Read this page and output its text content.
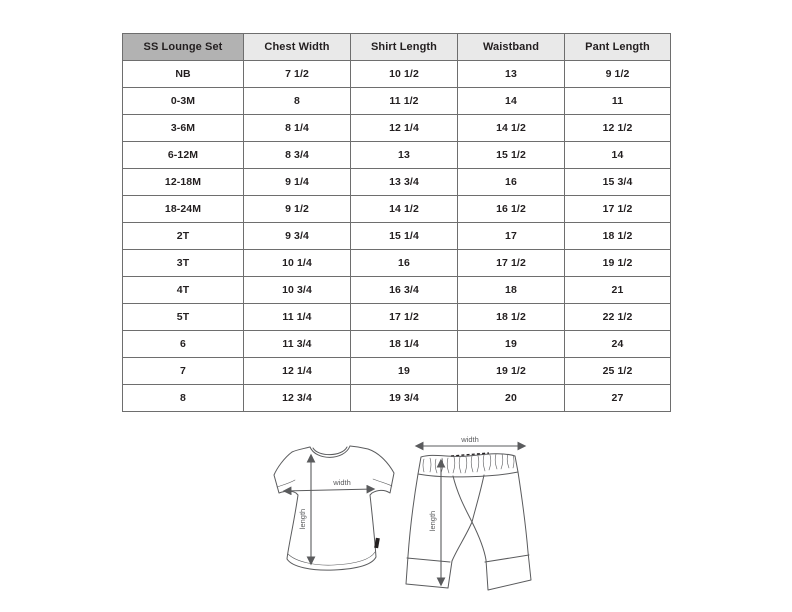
SS Lounge Set	Chest Width	Shirt Length	Waistband	Pant Length
NB	7 1/2	10 1/2	13	9 1/2
0-3M	8	11 1/2	14	11
3-6M	8 1/4	12 1/4	14 1/2	12 1/2
6-12M	8 3/4	13	15 1/2	14
12-18M	9 1/4	13 3/4	16	15 3/4
18-24M	9 1/2	14 1/2	16 1/2	17 1/2
2T	9 3/4	15 1/4	17	18 1/2
3T	10 1/4	16	17 1/2	19 1/2
4T	10 3/4	16 3/4	18	21
5T	11 1/4	17 1/2	18 1/2	22 1/2
6	11 3/4	18 1/4	19	24
7	12 1/4	19	19 1/2	25 1/2
8	12 3/4	19 3/4	20	27
width
length
width
length
